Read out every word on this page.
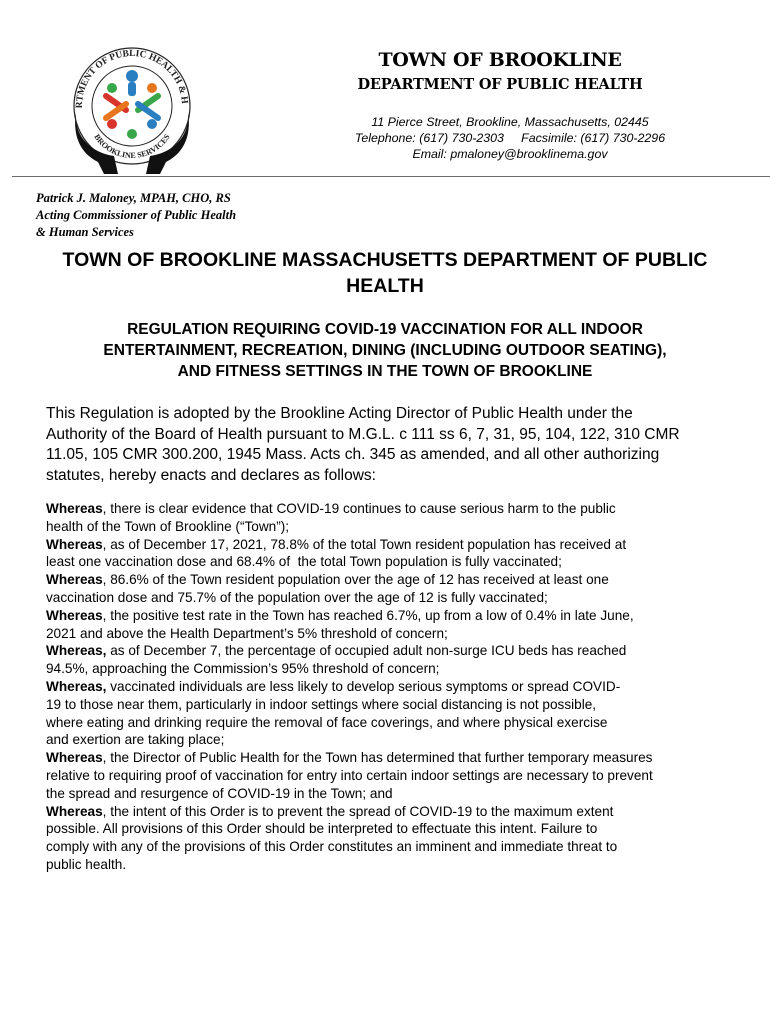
RTMENT OF PUBLIC HEALTH & H
BROOKLINE SERVICES
TOWN OF BROOKLINE
DEPARTMENT OF PUBLIC HEALTH
11 Pierce Street, Brookline, Massachusetts, 02445
Telephone: (617) 730-2303     Facsimile: (617) 730-2296
Email: pmaloney@brooklinema.gov
Patrick J. Maloney, MPAH, CHO, RS
Acting Commissioner of Public Health
& Human Services
TOWN OF BROOKLINE MASSACHUSETTS DEPARTMENT OF PUBLIC
HEALTH
REGULATION REQUIRING COVID-19 VACCINATION FOR ALL INDOOR
ENTERTAINMENT, RECREATION, DINING (INCLUDING OUTDOOR SEATING),
AND FITNESS SETTINGS IN THE TOWN OF BROOKLINE
This Regulation is adopted by the Brookline Acting Director of Public Health under the
Authority of the Board of Health pursuant to M.G.L. c 111 ss 6, 7, 31, 95, 104, 122, 310 CMR
11.05, 105 CMR 300.200, 1945 Mass. Acts ch. 345 as amended, and all other authorizing
statutes, hereby enacts and declares as follows:
Whereas, there is clear evidence that COVID-19 continues to cause serious harm to the public
health of the Town of Brookline (“Town”);
Whereas, as of December 17, 2021, 78.8% of the total Town resident population has received at
least one vaccination dose and 68.4% of  the total Town population is fully vaccinated;
Whereas, 86.6% of the Town resident population over the age of 12 has received at least one
vaccination dose and 75.7% of the population over the age of 12 is fully vaccinated;
Whereas, the positive test rate in the Town has reached 6.7%, up from a low of 0.4% in late June,
2021 and above the Health Department’s 5% threshold of concern;
Whereas, as of December 7, the percentage of occupied adult non-surge ICU beds has reached
94.5%, approaching the Commission’s 95% threshold of concern;
Whereas, vaccinated individuals are less likely to develop serious symptoms or spread COVID-
19 to those near them, particularly in indoor settings where social distancing is not possible,
where eating and drinking require the removal of face coverings, and where physical exercise
and exertion are taking place;
Whereas, the Director of Public Health for the Town has determined that further temporary measures
relative to requiring proof of vaccination for entry into certain indoor settings are necessary to prevent
the spread and resurgence of COVID-19 in the Town; and
Whereas, the intent of this Order is to prevent the spread of COVID-19 to the maximum extent
possible. All provisions of this Order should be interpreted to effectuate this intent. Failure to
comply with any of the provisions of this Order constitutes an imminent and immediate threat to
public health.
